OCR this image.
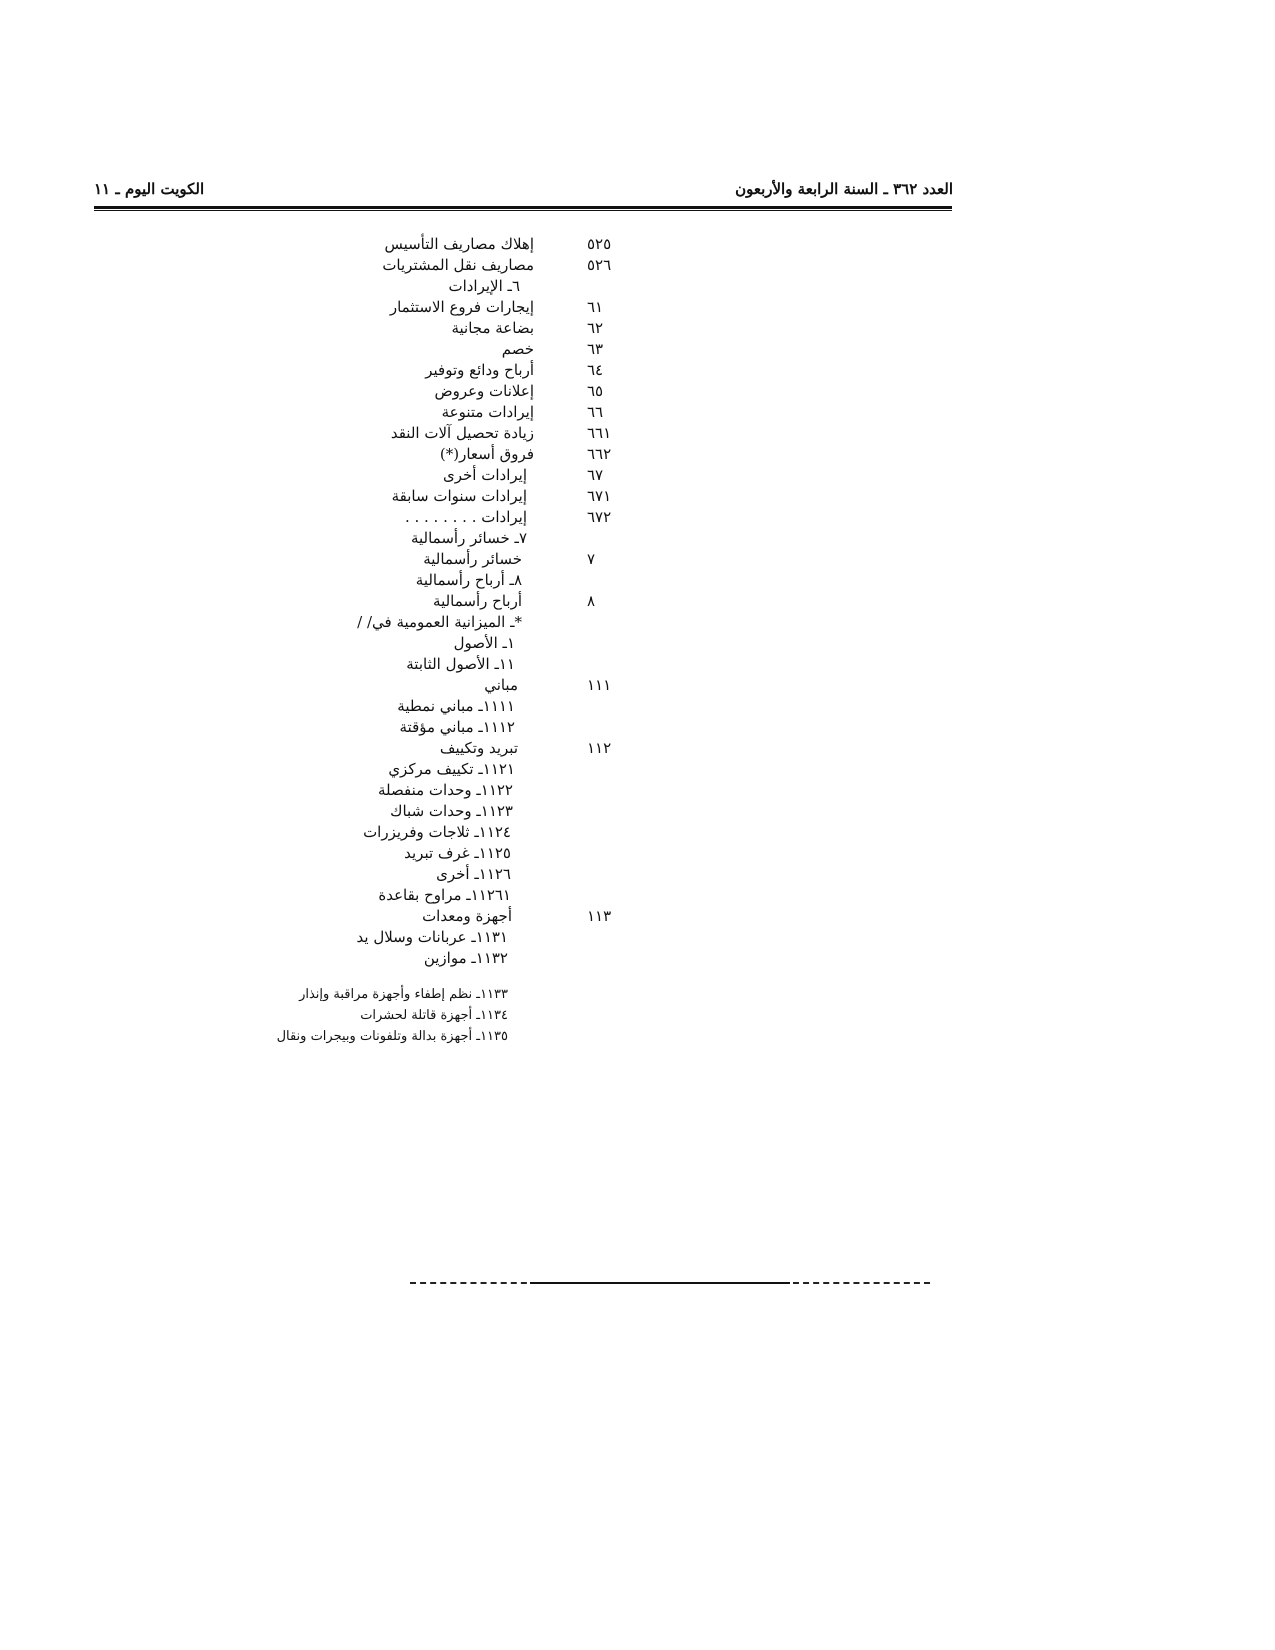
الكويت اليوم ـ ١١	العدد ٣٦٢ ـ السنة الرابعة والأربعون
إهلاك مصاريف التأسيس	٥٢٥
مصاريف نقل المشتريات	٥٢٦
٦ـ الإيرادات
إيجارات فروع الاستثمار	٦١
بضاعة مجانية	٦٢
خصم	٦٣
أرباح ودائع وتوفير	٦٤
إعلانات وعروض	٦٥
إيرادات متنوعة	٦٦
زيادة تحصيل آلات النقد	٦٦١
فروق أسعار(*)	٦٦٢
إيرادات أخرى	٦٧
إيرادات سنوات سابقة	٦٧١
إيرادات . . . . . . . .	٦٧٢
٧ـ خسائر رأسمالية
خسائر رأسمالية	٧
٨ـ أرباح رأسمالية
أرباح رأسمالية	٨
*ـ الميزانية العمومية في/ /
١ـ الأصول
١١ـ الأصول الثابتة
مباني	١١١
١١١١ـ مباني نمطية
١١١٢ـ مباني مؤقتة
تبريد وتكييف	١١٢
١١٢١ـ تكييف مركزي
١١٢٢ـ وحدات منفصلة
١١٢٣ـ وحدات شباك
١١٢٤ـ ثلاجات وفريزرات
١١٢٥ـ غرف تبريد
١١٢٦ـ أخرى
١١٢٦١ـ مراوح بقاعدة
أجهزة ومعدات	١١٣
١١٣١ـ عربانات وسلال يد
١١٣٢ـ موازين
١١٣٣ـ نظم إطفاء وأجهزة مراقبة وإنذار
١١٣٤ـ أجهزة قاتلة لحشرات
١١٣٥ـ أجهزة بدالة وتلفونات وبيجرات ونقال
